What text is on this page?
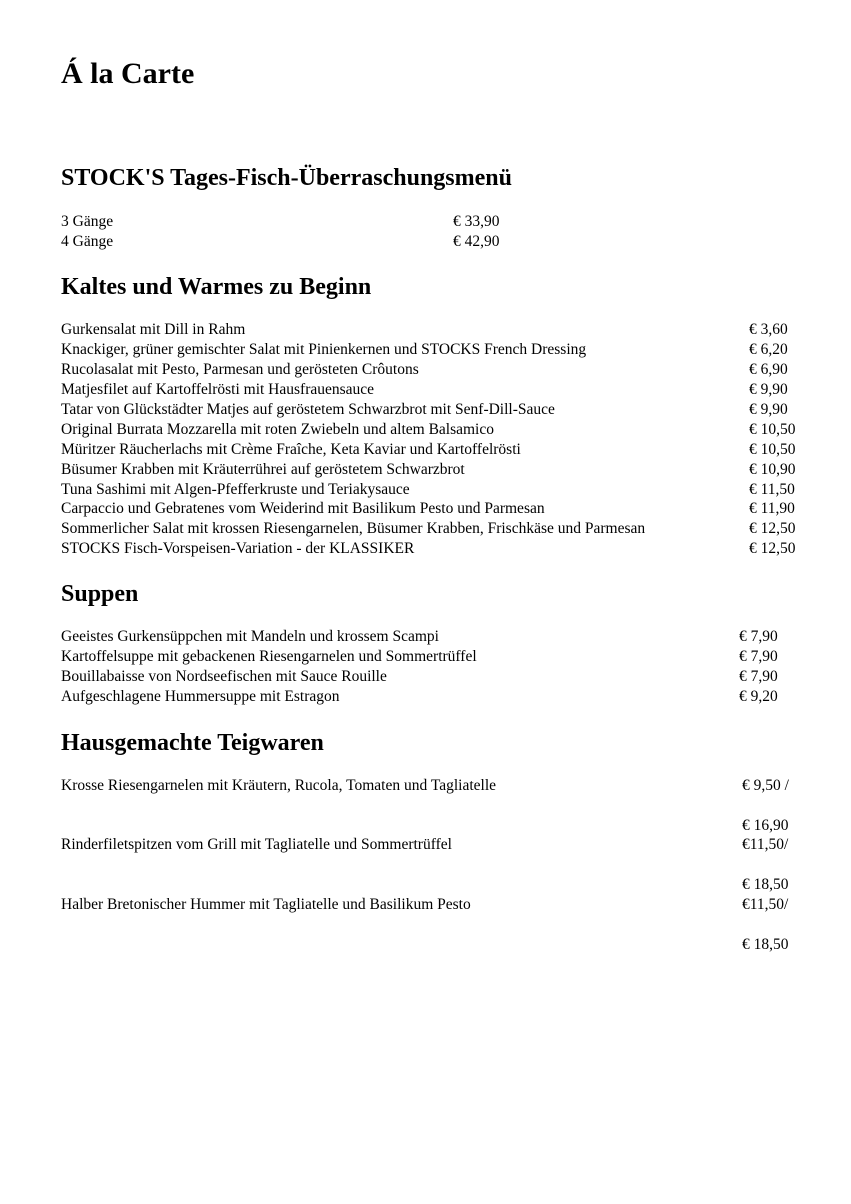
Á la Carte
STOCK'S Tages-Fisch-Überraschungsmenü
3 Gänge	€ 33,90
4 Gänge	€ 42,90
Kaltes und Warmes zu Beginn
Gurkensalat mit Dill in Rahm	€ 3,60
Knackiger, grüner gemischter Salat mit Pinienkernen und STOCKS French Dressing	€ 6,20
Rucolasalat mit Pesto, Parmesan und gerösteten Crôutons	€ 6,90
Matjesfilet auf Kartoffelrösti mit Hausfrauensauce	€ 9,90
Tatar von Glückstädter Matjes auf geröstetem Schwarzbrot mit Senf-Dill-Sauce	€ 9,90
Original Burrata Mozzarella mit roten Zwiebeln und altem Balsamico	€ 10,50
Müritzer Räucherlachs mit Crème Fraîche, Keta Kaviar und Kartoffelrösti	€ 10,50
Büsumer Krabben mit Kräuterrührei auf geröstetem Schwarzbrot	€ 10,90
Tuna Sashimi mit Algen-Pfefferkruste und Teriakysauce	€ 11,50
Carpaccio und Gebratenes vom Weiderind mit Basilikum Pesto und Parmesan	€ 11,90
Sommerlicher Salat mit krossen Riesengarnelen, Büsumer Krabben, Frischkäse und Parmesan	€ 12,50
STOCKS Fisch-Vorspeisen-Variation - der KLASSIKER	€ 12,50
Suppen
Geeistes Gurkensüppchen mit Mandeln und krossem Scampi	€ 7,90
Kartoffelsuppe mit gebackenen Riesengarnelen und Sommertrüffel	€ 7,90
Bouillabaisse von Nordseefischen mit Sauce Rouille	€ 7,90
Aufgeschlagene Hummersuppe mit Estragon	€ 9,20
Hausgemachte Teigwaren
Krosse Riesengarnelen mit Kräutern, Rucola, Tomaten und Tagliatelle	€ 9,50 /
€ 16,90
Rinderfiletspitzen vom Grill mit Tagliatelle und Sommertrüffel	€11,50/
€ 18,50
Halber Bretonischer Hummer mit Tagliatelle und Basilikum Pesto	€11,50/
€ 18,50
